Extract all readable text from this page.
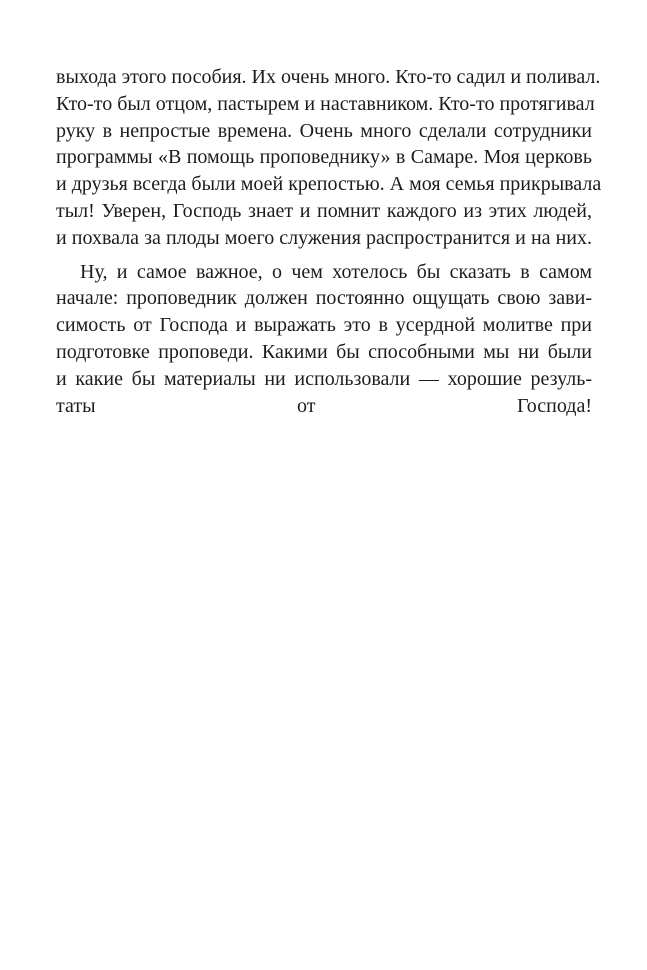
выхода этого пособия. Их очень много. Кто-то садил и поливал.
Кто-то был отцом, пастырем и наставником. Кто-то протягивал
руку в непростые времена. Очень много сделали сотрудники
программы «В помощь проповеднику» в Самаре. Моя церковь
и друзья всегда были моей крепостью. А моя семья прикрывала
тыл! Уверен, Господь знает и помнит каждого из этих людей,
и похвала за плоды моего служения распространится и на них.
Ну, и самое важное, о чем хотелось бы сказать в самом
начале: проповедник должен постоянно ощущать свою зави-
симость от Господа и выражать это в усердной молитве при
подготовке проповеди. Какими бы способными мы ни были
и какие бы материалы ни использовали — хорошие резуль-
таты от Господа!
